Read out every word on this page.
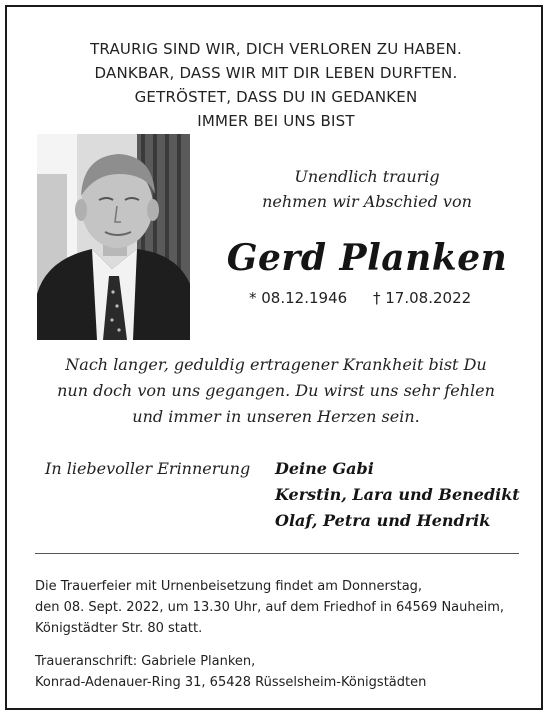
TRAURIG SIND WIR, DICH VERLOREN ZU HABEN.
DANKBAR, DASS WIR MIT DIR LEBEN DURFTEN.
GETRÖSTET, DASS DU IN GEDANKEN
IMMER BEI UNS BIST
Unendlich traurig
nehmen wir Abschied von
Gerd Planken
* 08.12.1946 † 17.08.2022
Nach langer, geduldig ertragener Krankheit bist Du
nun doch von uns gegangen. Du wirst uns sehr fehlen
und immer in unseren Herzen sein.
In liebevoller Erinnerung Deine Gabi
Kerstin, Lara und Benedikt
Olaf, Petra und Hendrik
Die Trauerfeier mit Urnenbeisetzung findet am Donnerstag,
den 08. Sept. 2022, um 13.30 Uhr, auf dem Friedhof in 64569 Nauheim,
Königstädter Str. 80 statt.
Traueranschrift: Gabriele Planken,
Konrad-Adenauer-Ring 31, 65428 Rüsselsheim-Königstädten
